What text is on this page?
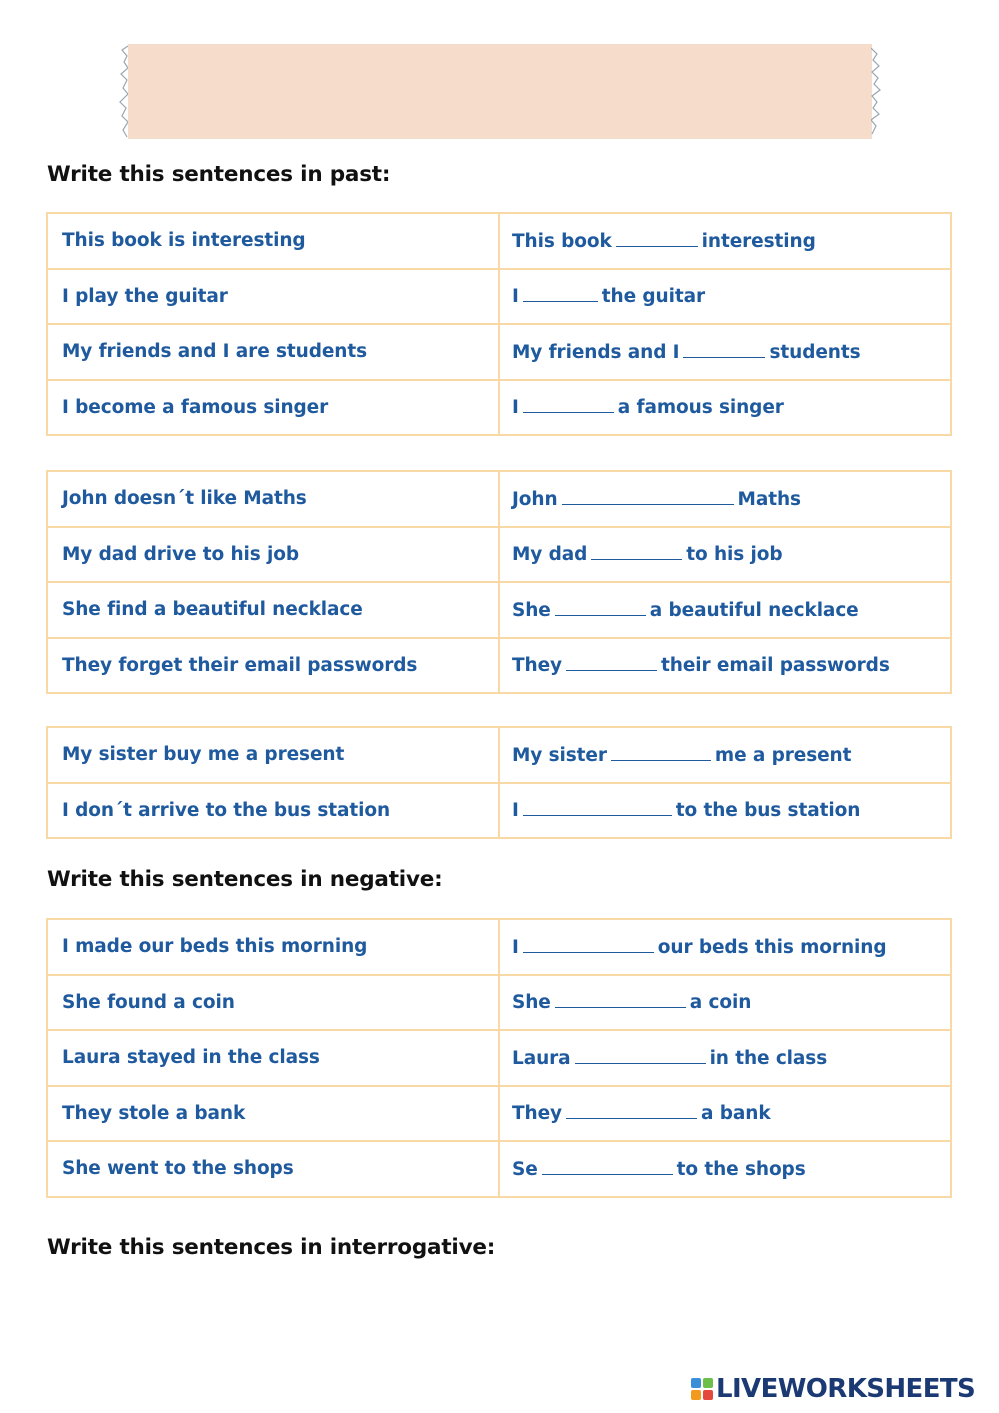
Write this sentences in past:
Write this sentences in negative:
Write this sentences in interrogative:
This book is interesting	This book interesting
I play the guitar	I the guitar
My friends and I are students	My friends and I students
I become a famous singer	I a famous singer
John doesn´t like Maths	John Maths
My dad drive to his job	My dad to his job
She find a beautiful necklace	She a beautiful necklace
They forget their email passwords	They their email passwords
My sister buy me a present	My sister me a present
I don´t arrive to the bus station	I to the bus station
I made our beds this morning	I our beds this morning
She found a coin	She a coin
Laura stayed in the class	Laura in the class
They stole a bank	They a bank
She went to the shops	Se to the shops
LIVEWORKSHEETS
